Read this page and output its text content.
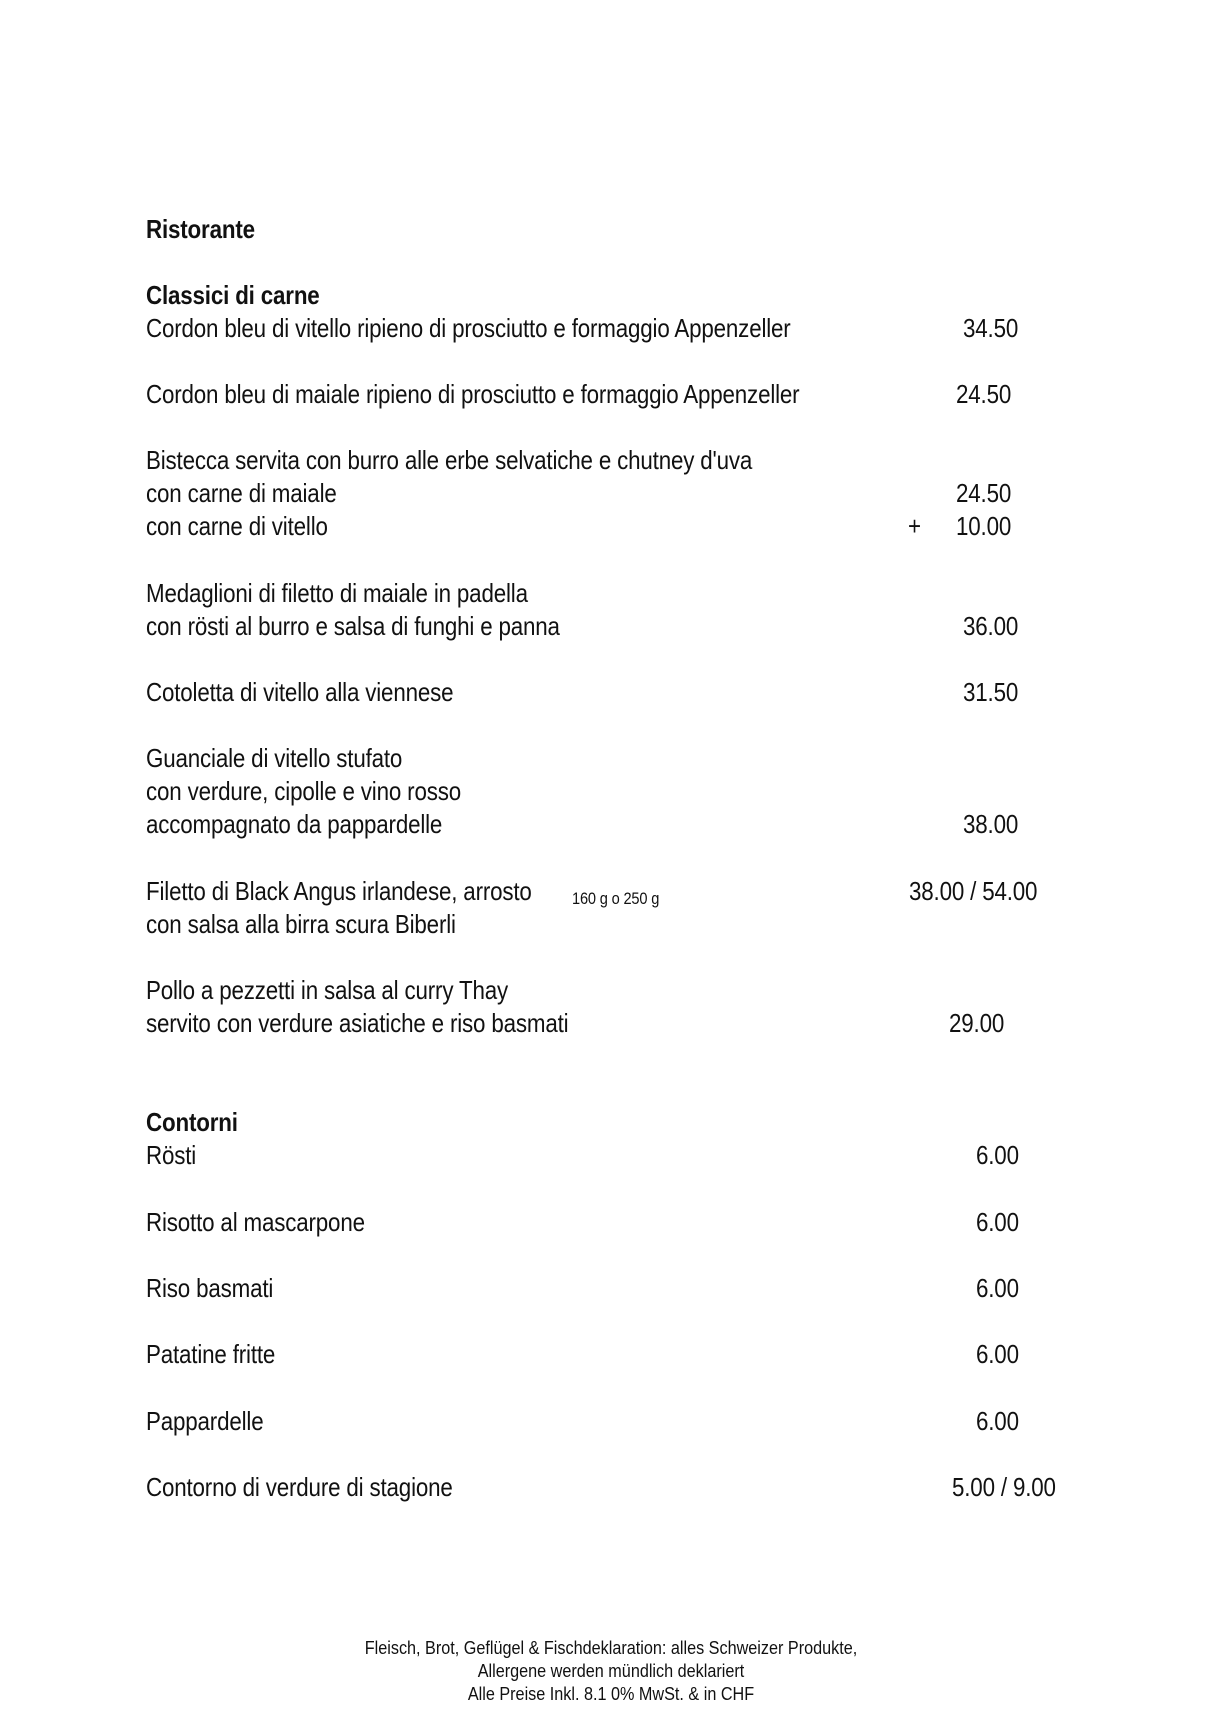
Ristorante
Classici di carne
Cordon bleu di vitello ripieno di prosciutto e formaggio Appenzeller	34.50
Cordon bleu di maiale ripieno di prosciutto e formaggio Appenzeller	24.50
Bistecca servita con burro alle erbe selvatiche e chutney d'uva
con carne di maiale	24.50
con carne di vitello	+ 10.00
Medaglioni di filetto di maiale in padella
con rösti al burro e salsa di funghi e panna	36.00
Cotoletta di vitello alla viennese	31.50
Guanciale di vitello stufato
con verdure, cipolle e vino rosso
accompagnato da pappardelle	38.00
Filetto di Black Angus irlandese, arrosto 160 g o 250 g	38.00 / 54.00
con salsa alla birra scura Biberli
Pollo a pezzetti in salsa al curry Thay
servito con verdure asiatiche e riso basmati	29.00
Contorni
Rösti	6.00
Risotto al mascarpone	6.00
Riso basmati	6.00
Patatine fritte	6.00
Pappardelle	6.00
Contorno di verdure di stagione	5.00 / 9.00
Fleisch, Brot, Geflügel & Fischdeklaration: alles Schweizer Produkte,
Allergene werden mündlich deklariert
Alle Preise Inkl. 8.1 0% MwSt. & in CHF
